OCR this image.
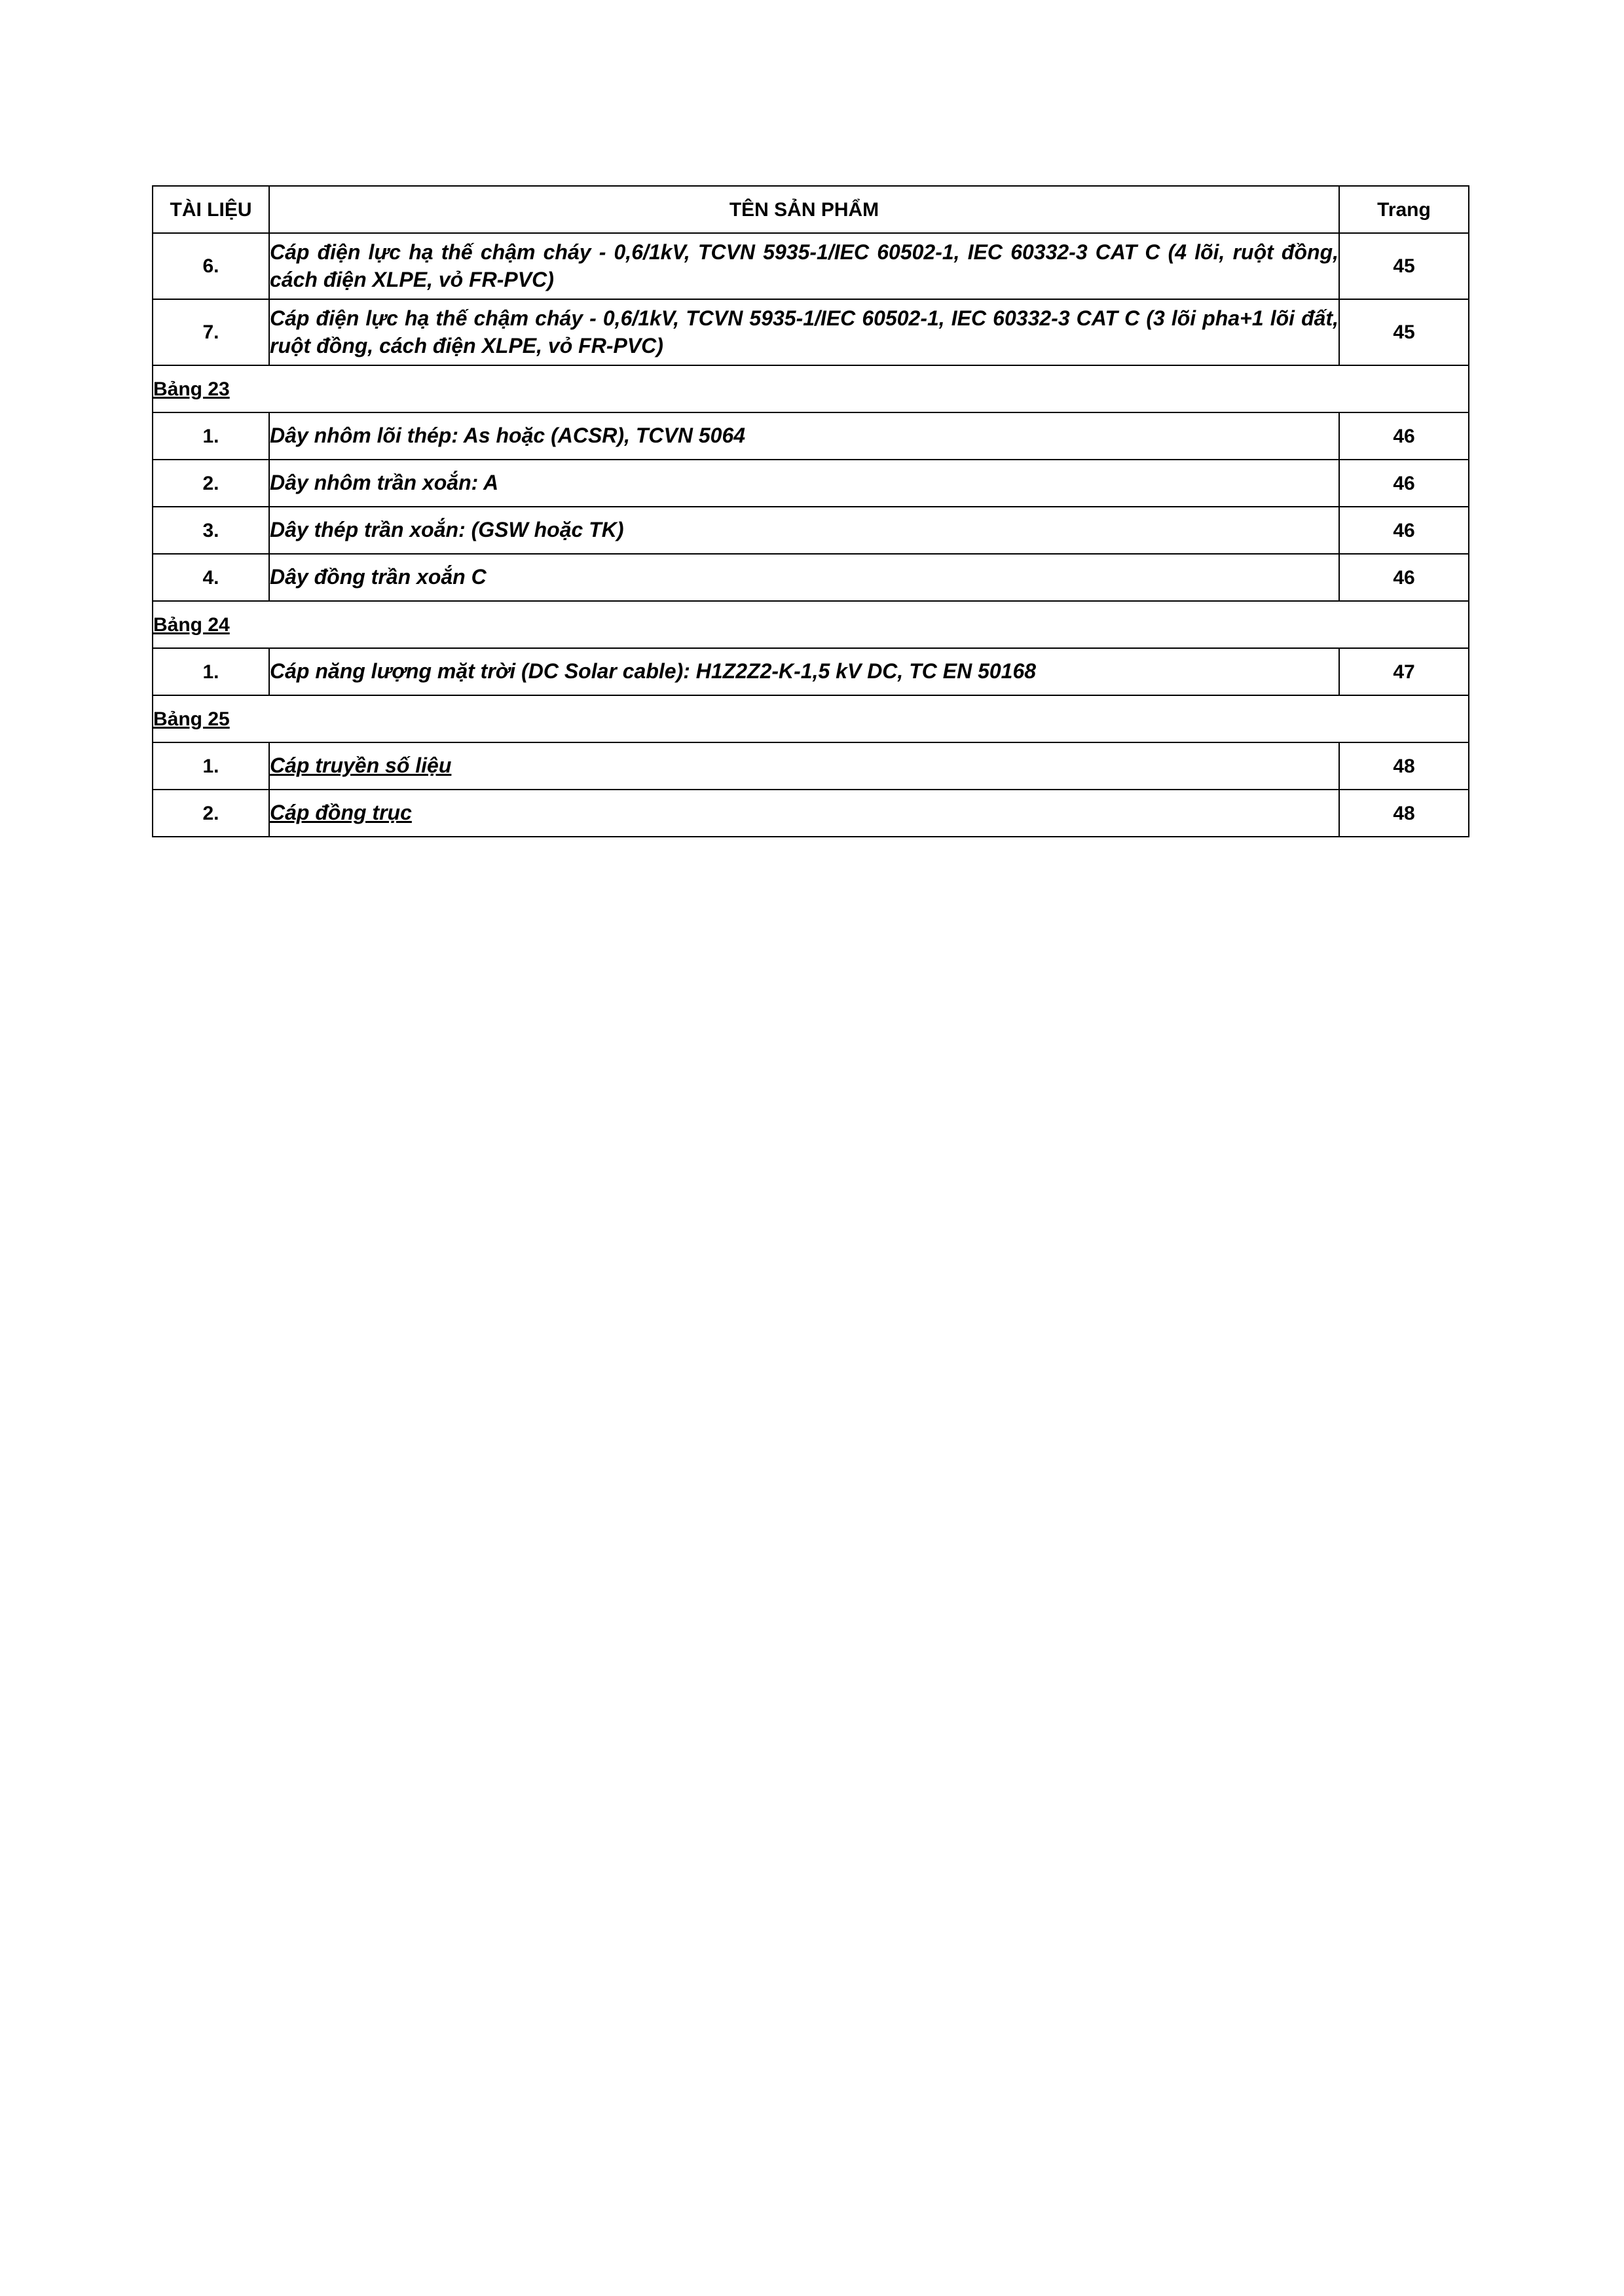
TÀI LIỆU	TÊN SẢN PHẨM	Trang
6.	Cáp điện lực hạ thế chậm cháy - 0,6/1kV, TCVN 5935-1/IEC 60502-1, IEC 60332-3 CAT C (4 lõi, ruột đồng, cách điện XLPE, vỏ FR-PVC)	45
7.	Cáp điện lực hạ thế chậm cháy - 0,6/1kV, TCVN 5935-1/IEC 60502-1, IEC 60332-3 CAT C (3 lõi pha+1 lõi đất, ruột đồng, cách điện XLPE, vỏ FR-PVC)	45
Bảng 23		
1.	Dây nhôm lõi thép: As hoặc (ACSR), TCVN 5064	46
2.	Dây nhôm trần xoắn: A	46
3.	Dây thép trần xoắn: (GSW hoặc TK)	46
4.	Dây đồng trần xoắn C	46
Bảng 24		
1.	Cáp năng lượng mặt trời (DC Solar cable): H1Z2Z2-K-1,5 kV DC, TC EN 50168	47
Bảng 25		
1.	Cáp truyền số liệu	48
2.	Cáp đồng trục	48
